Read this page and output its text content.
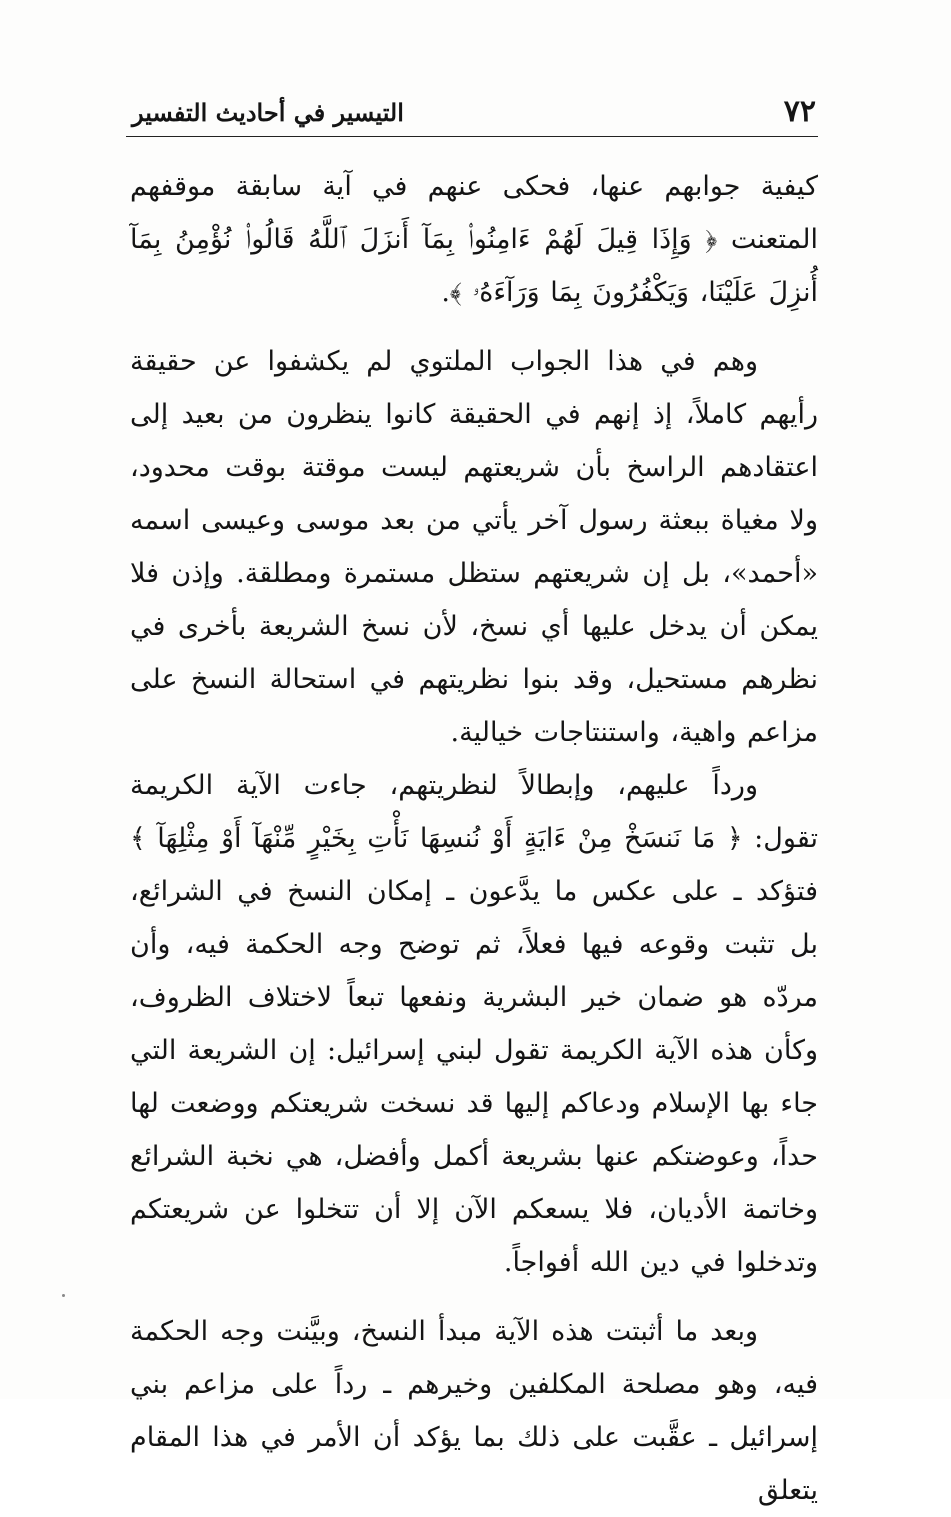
٧٢
التيسير في أحاديث التفسير

كيفية جوابهم عنها، فحكى عنهم في آية سابقة موقفهم المتعنت ﴿ وَإِذَا قِيلَ لَهُمْ ءَامِنُوا۟ بِمَآ أَنزَلَ ٱللَّهُ قَالُوا۟ نُؤْمِنُ بِمَآ أُنزِلَ عَلَيْنَا، وَيَكْفُرُونَ بِمَا وَرَآءَهُۥ ﴾.

وهم في هذا الجواب الملتوي لم يكشفوا عن حقيقة رأيهم كاملاً، إذ إنهم في الحقيقة كانوا ينظرون من بعيد إلى اعتقادهم الراسخ بأن شريعتهم ليست موقتة بوقت محدود، ولا مغياة ببعثة رسول آخر يأتي من بعد موسى وعيسى اسمه «أحمد»، بل إن شريعتهم ستظل مستمرة ومطلقة. وإذن فلا يمكن أن يدخل عليها أي نسخ، لأن نسخ الشريعة بأخرى في نظرهم مستحيل، وقد بنوا نظريتهم في استحالة النسخ على مزاعم واهية، واستنتاجات خيالية.

ورداً عليهم، وإبطالاً لنظريتهم، جاءت الآية الكريمة تقول: ﴿ مَا نَنسَخْ مِنْ ءَايَةٍ أَوْ نُنسِهَا نَأْتِ بِخَيْرٍ مِّنْهَآ أَوْ مِثْلِهَآ ﴾ فتؤكد ـ على عكس ما يدَّعون ـ إمكان النسخ في الشرائع، بل تثبت وقوعه فيها فعلاً، ثم توضح وجه الحكمة فيه، وأن مردّه هو ضمان خير البشرية ونفعها تبعاً لاختلاف الظروف، وكأن هذه الآية الكريمة تقول لبني إسرائيل: إن الشريعة التي جاء بها الإسلام ودعاكم إليها قد نسخت شريعتكم ووضعت لها حداً، وعوضتكم عنها بشريعة أكمل وأفضل، هي نخبة الشرائع وخاتمة الأديان، فلا يسعكم الآن إلا أن تتخلوا عن شريعتكم وتدخلوا في دين الله أفواجاً.

وبعد ما أثبتت هذه الآية مبدأ النسخ، وبيَّنت وجه الحكمة فيه، وهو مصلحة المكلفين وخيرهم ـ رداً على مزاعم بني إسرائيل ـ عقَّبت على ذلك بما يؤكد أن الأمر في هذا المقام يتعلق
